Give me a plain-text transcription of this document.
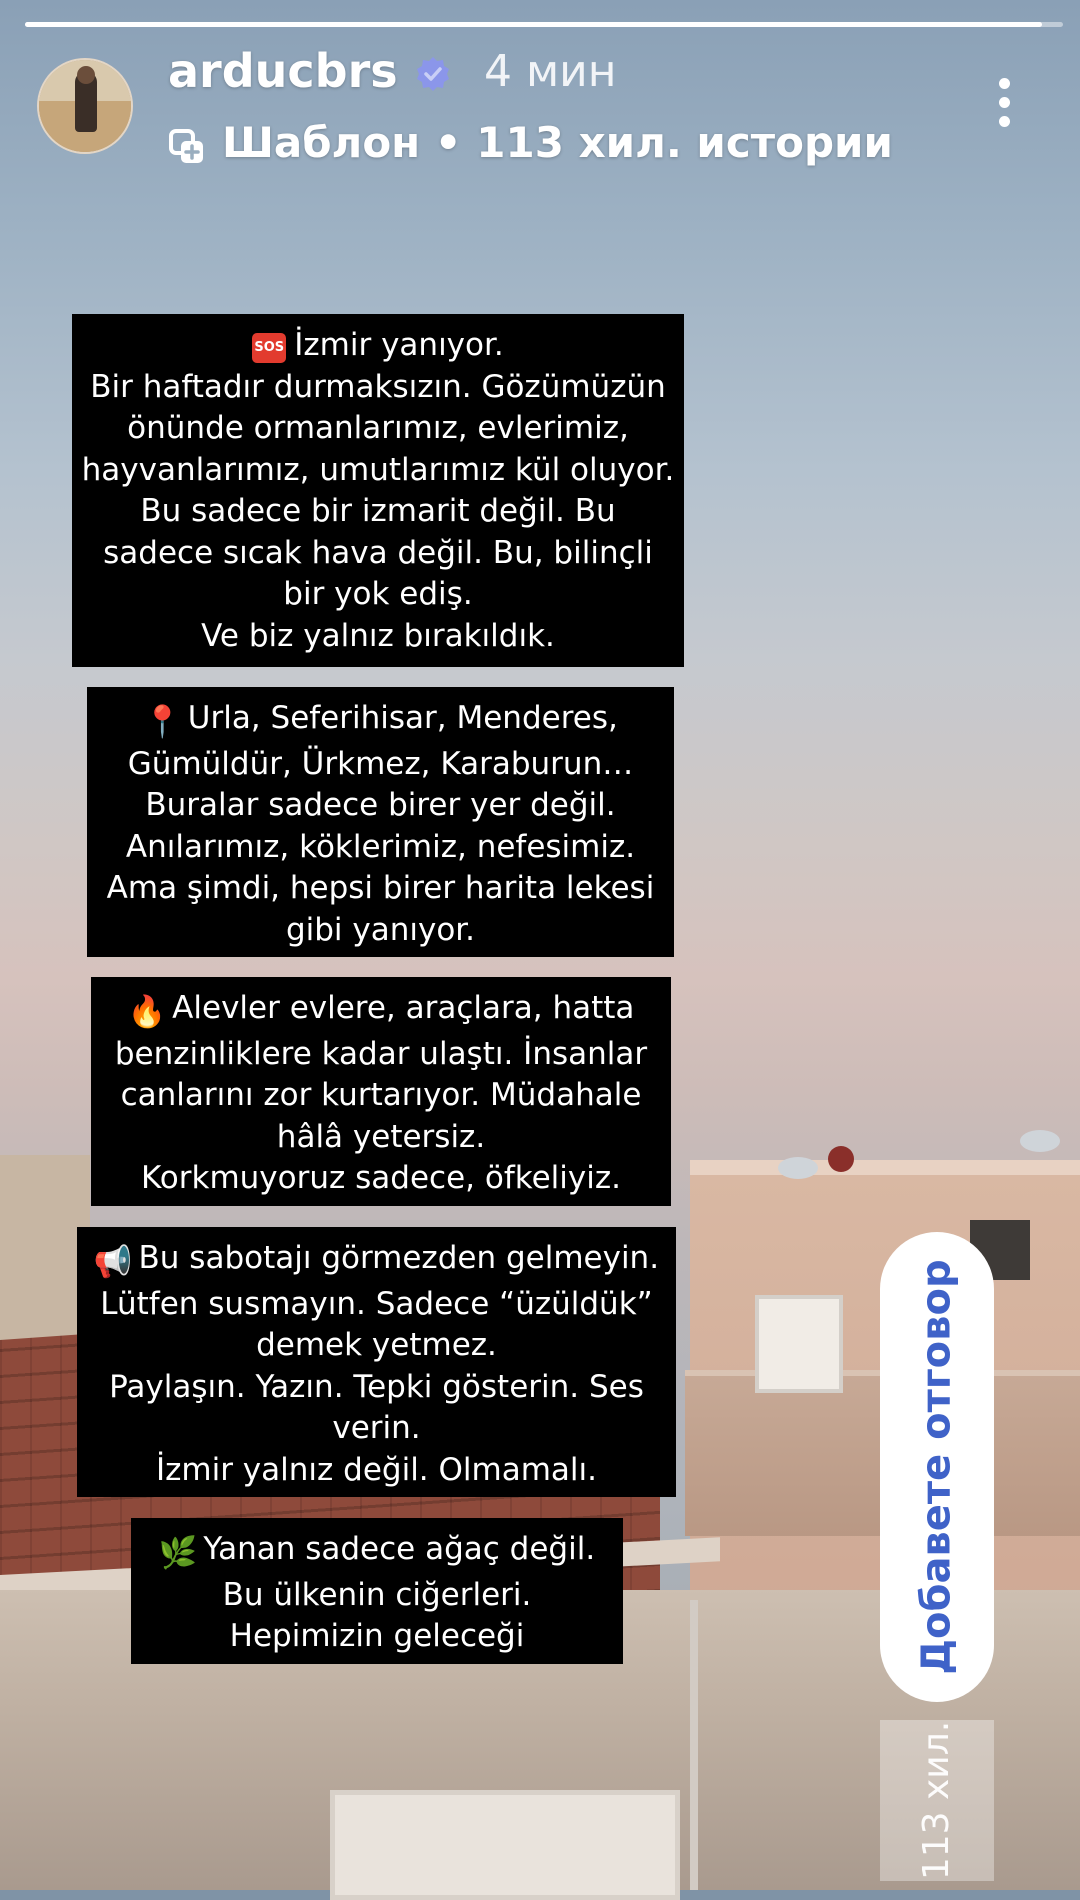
arducbrs 4 мин
Шаблон • 113 хил. истории
SOS İzmir yanıyor.
Bir haftadır durmaksızın. Gözümüzün
önünde ormanlarımız, evlerimiz,
hayvanlarımız, umutlarımız kül oluyor.
Bu sadece bir izmarit değil. Bu
sadece sıcak hava değil. Bu, bilinçli
bir yok ediş.
Ve biz yalnız bırakıldık.
📍 Urla, Seferihisar, Menderes,
Gümüldür, Ürkmez, Karaburun…
Buralar sadece birer yer değil.
Anılarımız, köklerimiz, nefesimiz.
Ama şimdi, hepsi birer harita lekesi
gibi yanıyor.
🔥 Alevler evlere, araçlara, hatta
benzinliklere kadar ulaştı. İnsanlar
canlarını zor kurtarıyor. Müdahale
hâlâ yetersiz.
Korkmuyoruz sadece, öfkeliyiz.
📢 Bu sabotajı görmezden gelmeyin.
Lütfen susmayın. Sadece “üzüldük”
demek yetmez.
Paylaşın. Yazın. Tepki gösterin. Ses
verin.
İzmir yalnız değil. Olmamalı.
🌿 Yanan sadece ağaç değil.
Bu ülkenin ciğerleri.
Hepimizin geleceği	Добавете отговор
113 хил.
